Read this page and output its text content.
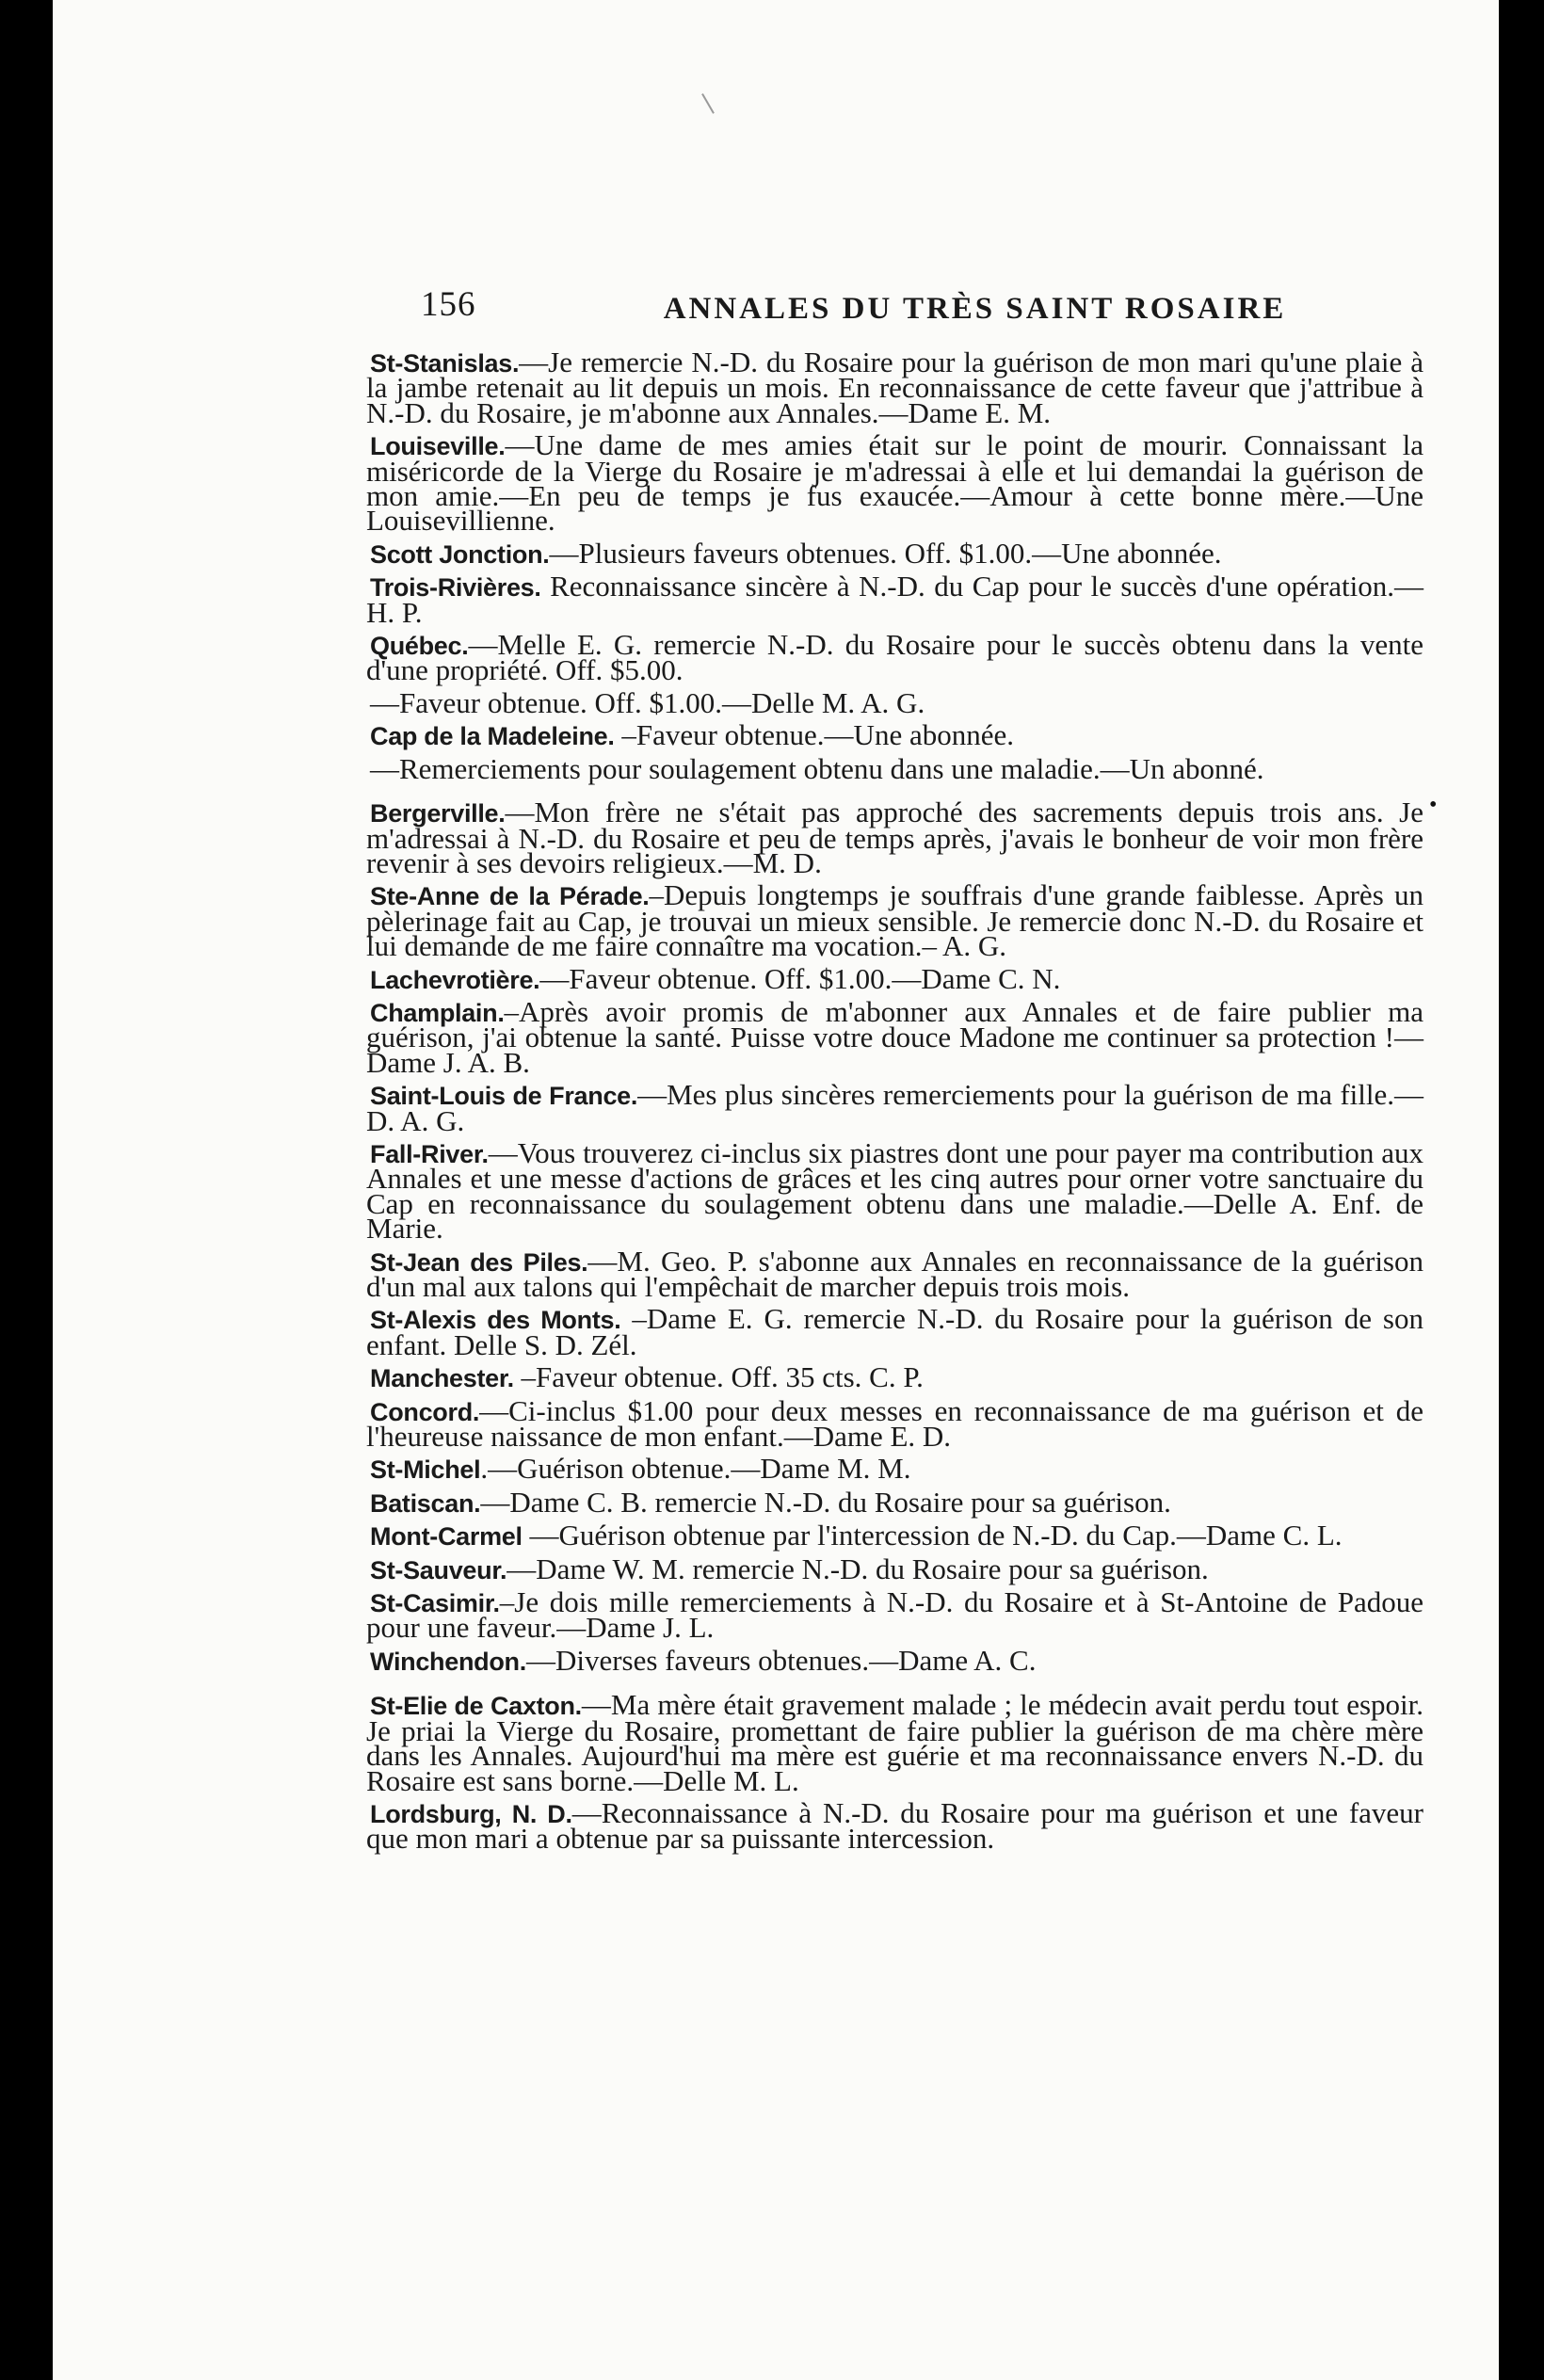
•
156	ANNALES DU TRÈS SAINT ROSAIRE

St-Stanislas.—Je remercie N.-D. du Rosaire pour la guérison de mon mari qu'une plaie à la jambe retenait au lit depuis un mois. En reconnaissance de cette faveur que j'attribue à N.-D. du Rosaire, je m'abonne aux Annales.—Dame E. M.

Louiseville.—Une dame de mes amies était sur le point de mourir. Connaissant la miséricorde de la Vierge du Rosaire je m'adressai à elle et lui demandai la guérison de mon amie.—En peu de temps je fus exaucée.—Amour à cette bonne mère.—Une Louisevillienne.

Scott Jonction.—Plusieurs faveurs obtenues. Off. $1.00.—Une abonnée.

Trois-Rivières. Reconnaissance sincère à N.-D. du Cap pour le succès d'une opération.—H. P.

Québec.—Melle E. G. remercie N.-D. du Rosaire pour le succès obtenu dans la vente d'une propriété. Off. $5.00.

—Faveur obtenue. Off. $1.00.—Delle M. A. G.

Cap de la Madeleine. –Faveur obtenue.—Une abonnée.

—Remerciements pour soulagement obtenu dans une maladie.—Un abonné.

Bergerville.—Mon frère ne s'était pas approché des sacrements depuis trois ans. Je m'adressai à N.-D. du Rosaire et peu de temps après, j'avais le bonheur de voir mon frère revenir à ses devoirs religieux.—M. D.

Ste-Anne de la Pérade.–Depuis longtemps je souffrais d'une grande faiblesse. Après un pèlerinage fait au Cap, je trouvai un mieux sensible. Je remercie donc N.-D. du Rosaire et lui demande de me faire connaître ma vocation.– A. G.

Lachevrotière.—Faveur obtenue. Off. $1.00.—Dame C. N.

Champlain.–Après avoir promis de m'abonner aux Annales et de faire publier ma guérison, j'ai obtenue la santé. Puisse votre douce Madone me continuer sa protection !—Dame J. A. B.

Saint-Louis de France.—Mes plus sincères remerciements pour la guérison de ma fille.—D. A. G.

Fall-River.—Vous trouverez ci-inclus six piastres dont une pour payer ma contribution aux Annales et une messe d'actions de grâces et les cinq autres pour orner votre sanctuaire du Cap en reconnaissance du soulagement obtenu dans une maladie.—Delle A. Enf. de Marie.

St-Jean des Piles.—M. Geo. P. s'abonne aux Annales en reconnaissance de la guérison d'un mal aux talons qui l'empêchait de marcher depuis trois mois.

St-Alexis des Monts. –Dame E. G. remercie N.-D. du Rosaire pour la guérison de son enfant. Delle S. D. Zél.

Manchester. –Faveur obtenue. Off. 35 cts. C. P.

Concord.—Ci-inclus $1.00 pour deux messes en reconnaissance de ma guérison et de l'heureuse naissance de mon enfant.—Dame E. D.

St-Michel.—Guérison obtenue.—Dame M. M.

Batiscan.—Dame C. B. remercie N.-D. du Rosaire pour sa guérison.

Mont-Carmel —Guérison obtenue par l'intercession de N.-D. du Cap.—Dame C. L.

St-Sauveur.—Dame W. M. remercie N.-D. du Rosaire pour sa guérison.

St-Casimir.–Je dois mille remerciements à N.-D. du Rosaire et à St-Antoine de Padoue pour une faveur.—Dame J. L.

Winchendon.—Diverses faveurs obtenues.—Dame A. C.

St-Elie de Caxton.—Ma mère était gravement malade ; le médecin avait perdu tout espoir. Je priai la Vierge du Rosaire, promettant de faire publier la guérison de ma chère mère dans les Annales. Aujourd'hui ma mère est guérie et ma reconnaissance envers N.-D. du Rosaire est sans borne.—Delle M. L.

Lordsburg, N. D.—Reconnaissance à N.-D. du Rosaire pour ma guérison et une faveur que mon mari a obtenue par sa puissante intercession.
